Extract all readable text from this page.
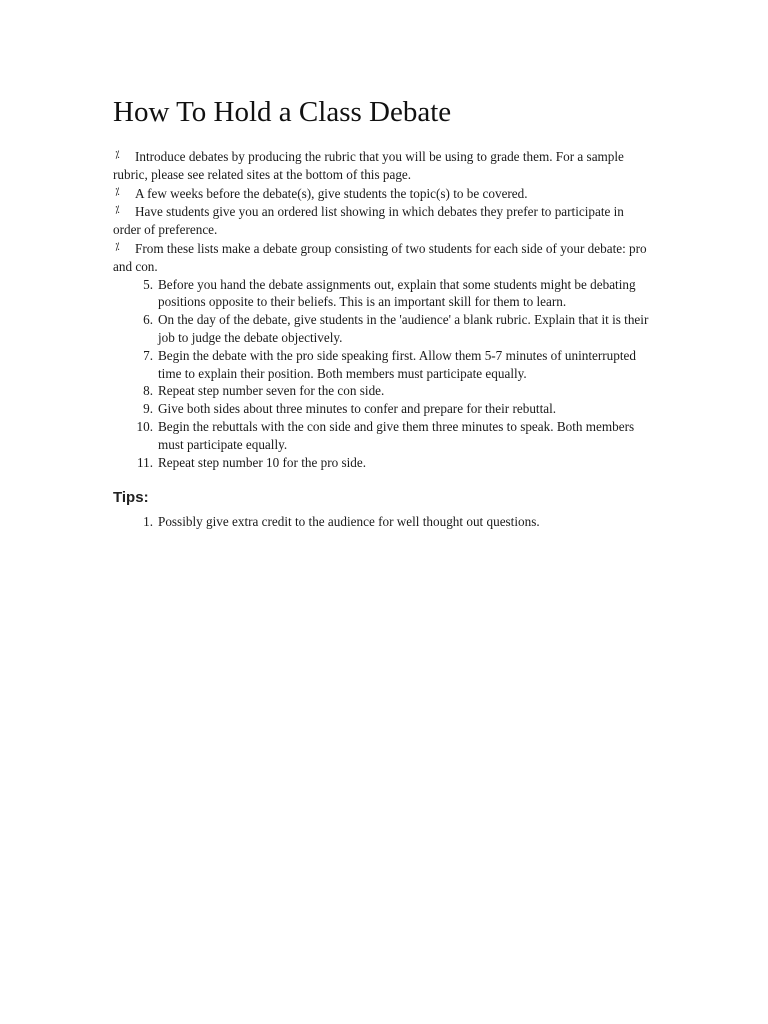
How To Hold a Class Debate
⁒ Introduce debates by producing the rubric that you will be using to grade them. For a sample rubric, please see related sites at the bottom of this page.
⁒ A few weeks before the debate(s), give students the topic(s) to be covered.
⁒ Have students give you an ordered list showing in which debates they prefer to participate in order of preference.
⁒ From these lists make a debate group consisting of two students for each side of your debate: pro and con.
5. Before you hand the debate assignments out, explain that some students might be debating positions opposite to their beliefs. This is an important skill for them to learn.
6. On the day of the debate, give students in the 'audience' a blank rubric. Explain that it is their job to judge the debate objectively.
7. Begin the debate with the pro side speaking first. Allow them 5-7 minutes of uninterrupted time to explain their position. Both members must participate equally.
8. Repeat step number seven for the con side.
9. Give both sides about three minutes to confer and prepare for their rebuttal.
10. Begin the rebuttals with the con side and give them three minutes to speak. Both members must participate equally.
11. Repeat step number 10 for the pro side.
Tips:
1. Possibly give extra credit to the audience for well thought out questions.
